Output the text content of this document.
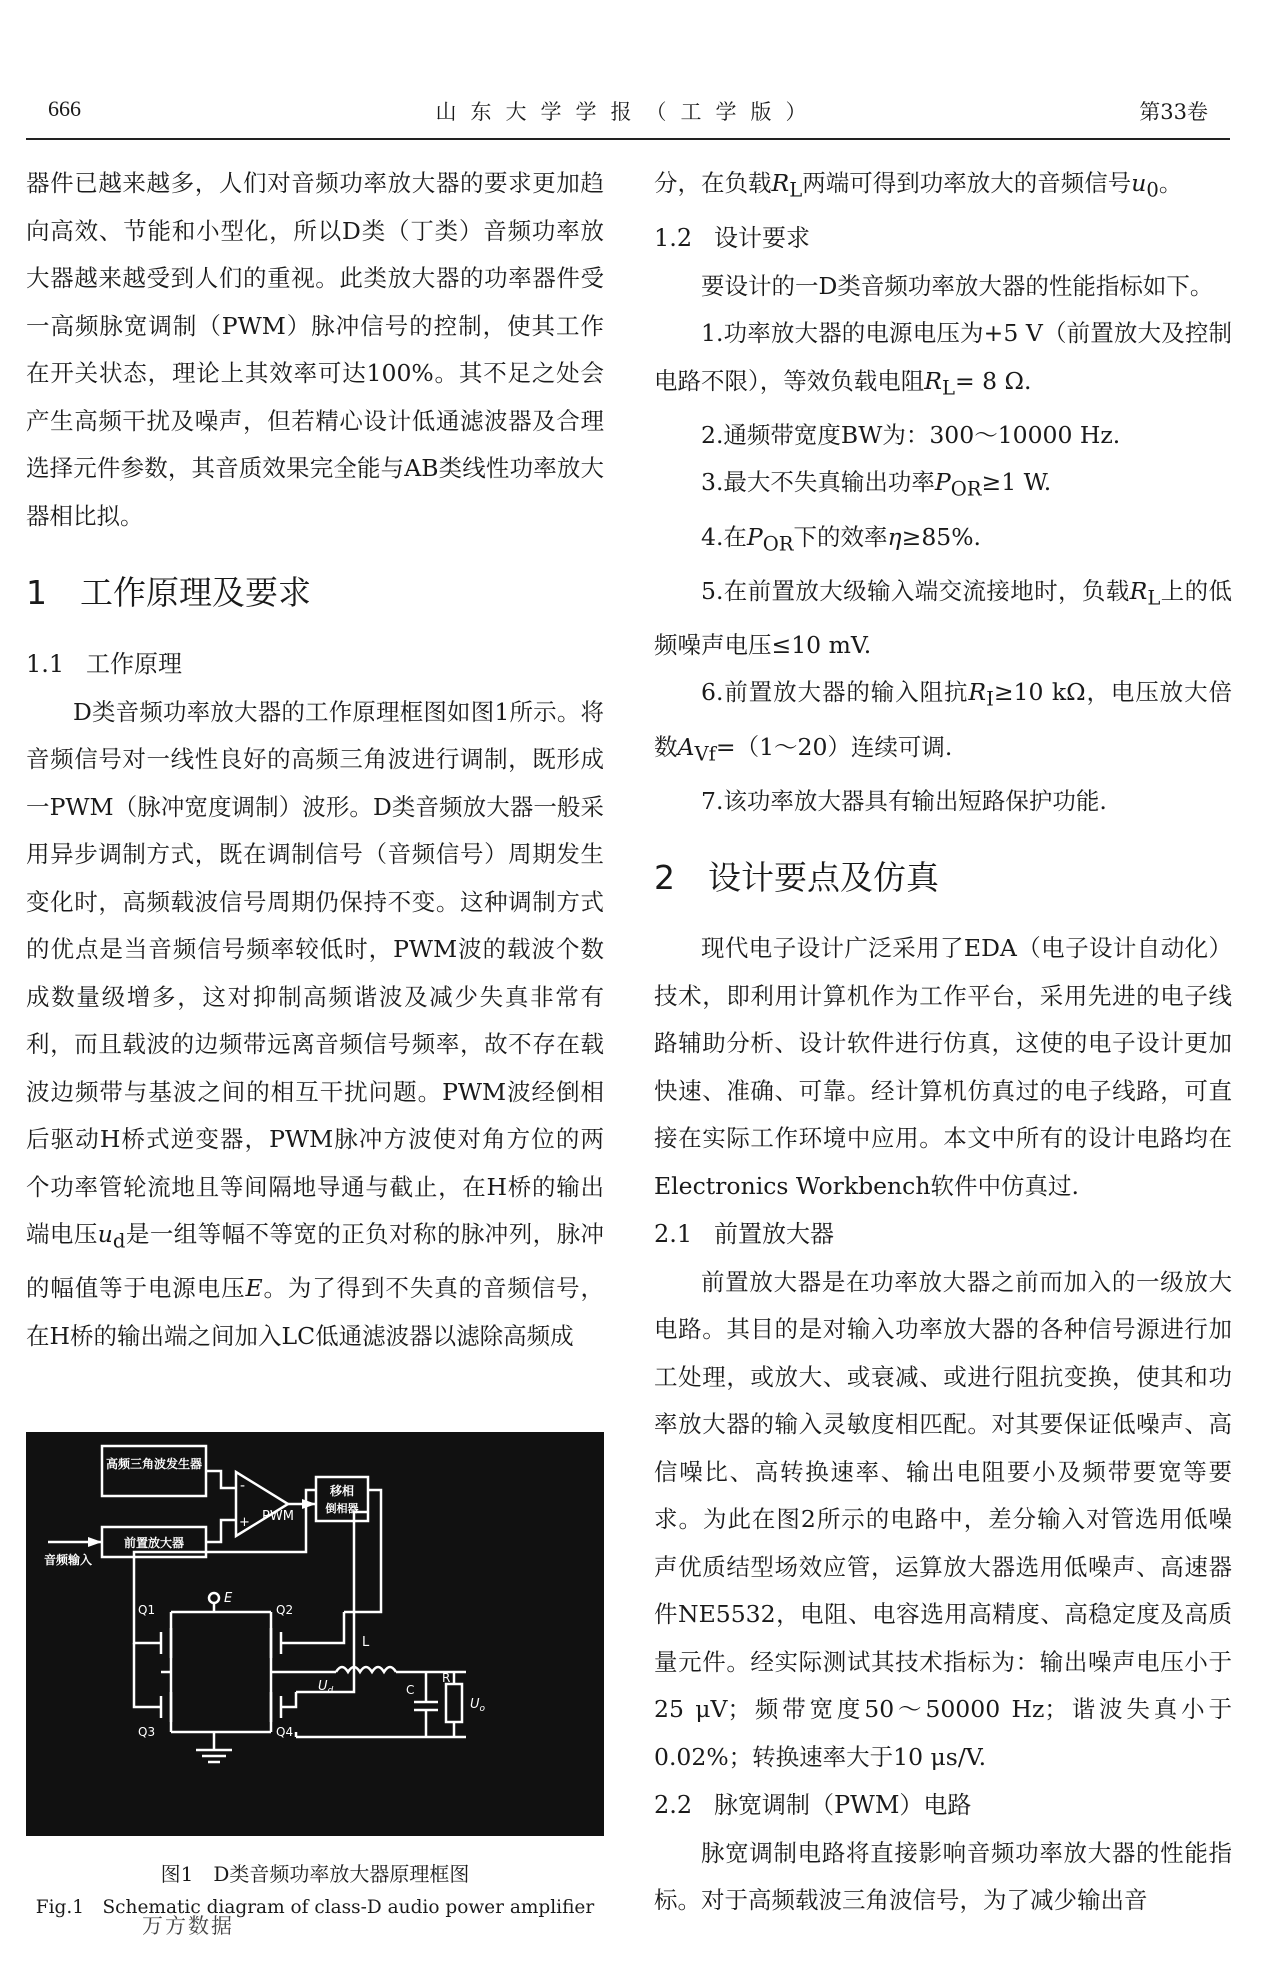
666	山东大学学报（工学版）	第33卷

器件已越来越多，人们对音频功率放大器的要求更加趋向高效、节能和小型化，所以D类（丁类）音频功率放大器越来越受到人们的重视。此类放大器的功率器件受一高频脉宽调制（PWM）脉冲信号的控制，使其工作在开关状态，理论上其效率可达100%。其不足之处会产生高频干扰及噪声，但若精心设计低通滤波器及合理选择元件参数，其音质效果完全能与AB类线性功率放大器相比拟。

1 工作原理及要求

1.1 工作原理

D类音频功率放大器的工作原理框图如图1所示。将音频信号对一线性良好的高频三角波进行调制，既形成一PWM（脉冲宽度调制）波形。D类音频放大器一般采用异步调制方式，既在调制信号（音频信号）周期发生变化时，高频载波信号周期仍保持不变。这种调制方式的优点是当音频信号频率较低时，PWM波的载波个数成数量级增多，这对抑制高频谐波及减少失真非常有利，而且载波的边频带远离音频信号频率，故不存在载波边频带与基波之间的相互干扰问题。PWM波经倒相后驱动H桥式逆变器，PWM脉冲方波使对角方位的两个功率管轮流地且等间隔地导通与截止，在H桥的输出端电压$u_d$是一组等幅不等宽的正负对称的脉冲列，脉冲的幅值等于电源电压E。为了得到不失真的音频信号，在H桥的输出端之间加入LC低通滤波器以滤除高频成

高频三角波发生器
前置放大器
移相
倒相器
音频输入
PWM
-
+
E
Q1	Q2
Q3	Q4
L
C
R
$U_d$
$U_o$
图1　D类音频功率放大器原理框图
Fig.1　Schematic diagram of class-D audio power amplifier
万方数据

分，在负载$R_L$两端可得到功率放大的音频信号$u_0$。

1.2 设计要求

要设计的一D类音频功率放大器的性能指标如下。

1.功率放大器的电源电压为+5 V（前置放大及控制电路不限），等效负载电阻$R_L= 8$ Ω.

2.通频带宽度BW为：300～10000 Hz.

3.最大不失真输出功率$P_{OR}\ge 1$ W.

4.在$P_{OR}$下的效率η≥85%.

5.在前置放大级输入端交流接地时，负载$R_L$上的低频噪声电压≤10 mV.

6.前置放大器的输入阻抗$R_I\ge 10$ kΩ，电压放大倍数$A_{Vf}=(1\sim 20)$连续可调.

7.该功率放大器具有输出短路保护功能.

2 设计要点及仿真

现代电子设计广泛采用了EDA（电子设计自动化）技术，即利用计算机作为工作平台，采用先进的电子线路辅助分析、设计软件进行仿真，这使的电子设计更加快速、准确、可靠。经计算机仿真过的电子线路，可直接在实际工作环境中应用。本文中所有的设计电路均在Electronics Workbench软件中仿真过.

2.1 前置放大器

前置放大器是在功率放大器之前而加入的一级放大电路。其目的是对输入功率放大器的各种信号源进行加工处理，或放大、或衰减、或进行阻抗变换，使其和功率放大器的输入灵敏度相匹配。对其要保证低噪声、高信噪比、高转换速率、输出电阻要小及频带要宽等要求。为此在图2所示的电路中，差分输入对管选用低噪声优质结型场效应管，运算放大器选用低噪声、高速器件NE5532，电阻、电容选用高精度、高稳定度及高质量元件。经实际测试其技术指标为：输出噪声电压小于25 μV；频带宽度50～50000 Hz；谐波失真小于0.02%；转换速率大于10 μs/V.

2.2 脉宽调制（PWM）电路

脉宽调制电路将直接影响音频功率放大器的性能指标。对于高频载波三角波信号，为了减少输出音
